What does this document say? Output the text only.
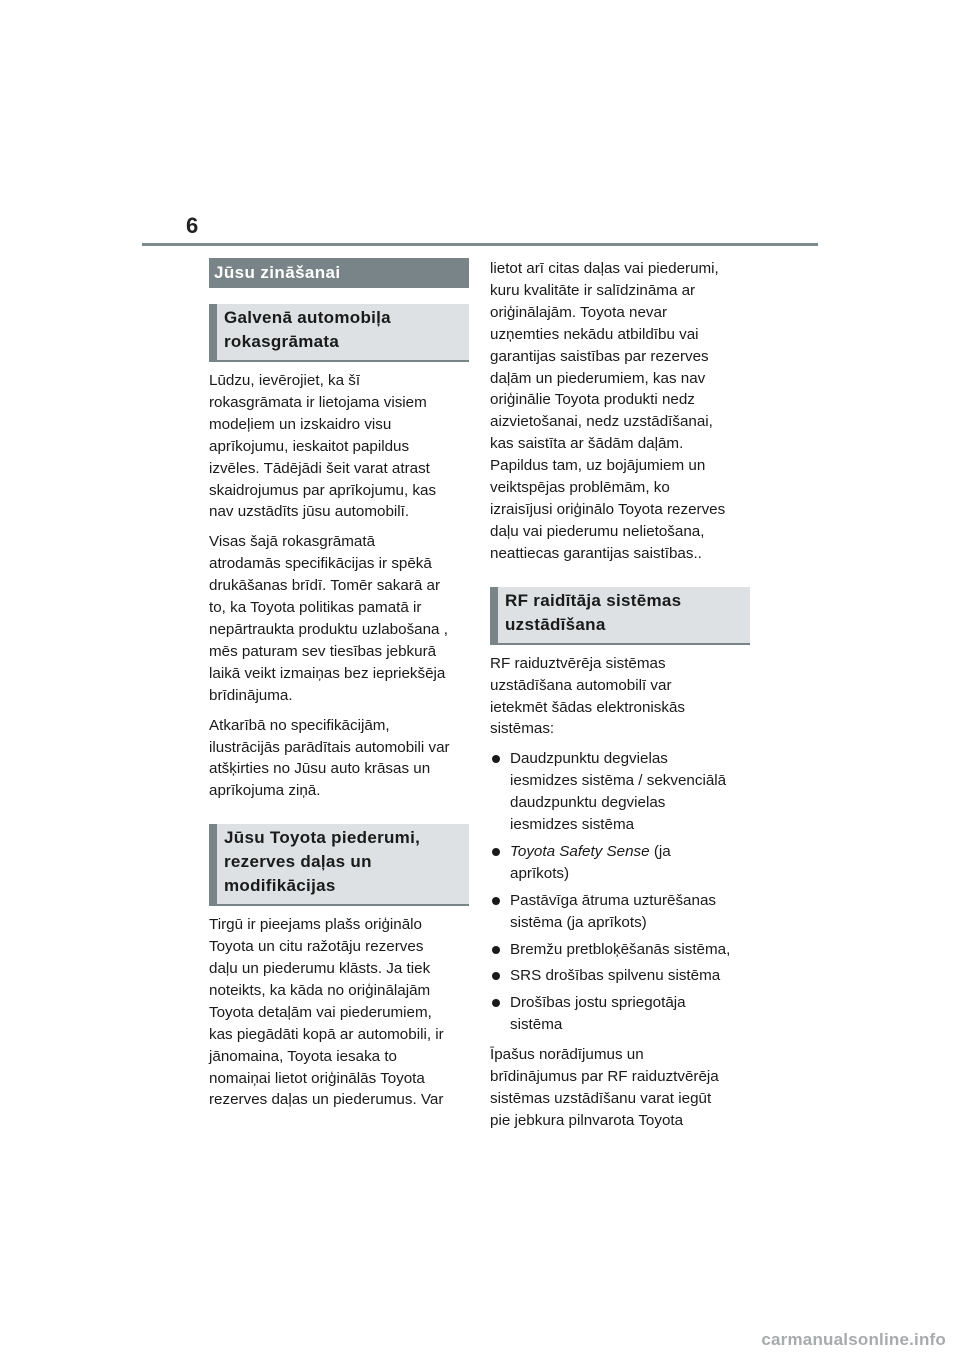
6
Jūsu zināšanai
Galvenā automobiļa
rokasgrāmata
Lūdzu, ievērojiet, ka šī
rokasgrāmata ir lietojama visiem
modeļiem un izskaidro visu
aprīkojumu, ieskaitot papildus
izvēles. Tādējādi šeit varat atrast
skaidrojumus par aprīkojumu, kas
nav uzstādīts jūsu automobilī.
Visas šajā rokasgrāmatā
atrodamās specifikācijas ir spēkā
drukāšanas brīdī. Tomēr sakarā ar
to, ka Toyota politikas pamatā ir
nepārtraukta produktu uzlabošana ,
mēs paturam sev tiesības jebkurā
laikā veikt izmaiņas bez iepriekšēja
brīdinājuma.
Atkarībā no specifikācijām,
ilustrācijās parādītais automobili var
atšķirties no Jūsu auto krāsas un
aprīkojuma ziņā.
Jūsu Toyota piederumi,
rezerves daļas un
modifikācijas
Tirgū ir pieejams plašs oriģinālo
Toyota un citu ražotāju rezerves
daļu un piederumu klāsts. Ja tiek
noteikts, ka kāda no oriģinālajām
Toyota detaļām vai piederumiem,
kas piegādāti kopā ar automobili, ir
jānomaina, Toyota iesaka to
nomaiņai lietot oriģinālās Toyota
rezerves daļas un piederumus. Var
lietot arī citas daļas vai piederumi,
kuru kvalitāte ir salīdzināma ar
oriģinālajām. Toyota nevar
uzņemties nekādu atbildību vai
garantijas saistības par rezerves
daļām un piederumiem, kas nav
oriģinālie Toyota produkti nedz
aizvietošanai, nedz uzstādīšanai,
kas saistīta ar šādām daļām.
Papildus tam, uz bojājumiem un
veiktspējas problēmām, ko
izraisījusi oriģinālo Toyota rezerves
daļu vai piederumu nelietošana,
neattiecas garantijas saistības..
RF raidītāja sistēmas
uzstādīšana
RF raiduztvērēja sistēmas
uzstādīšana automobilī var
ietekmēt šādas elektroniskās
sistēmas:
Daudzpunktu degvielas
iesmidzes sistēma / sekvenciālā
daudzpunktu degvielas
iesmidzes sistēma
Toyota Safety Sense (ja
aprīkots)
Pastāvīga ātruma uzturēšanas
sistēma (ja aprīkots)
Bremžu pretbloķēšanās sistēma,
SRS drošības spilvenu sistēma
Drošības jostu spriegotāja
sistēma
Īpašus norādījumus un
brīdinājumus par RF raiduztvērēja
sistēmas uzstādīšanu varat iegūt
pie jebkura pilnvarota Toyota
carmanualsonline.info
